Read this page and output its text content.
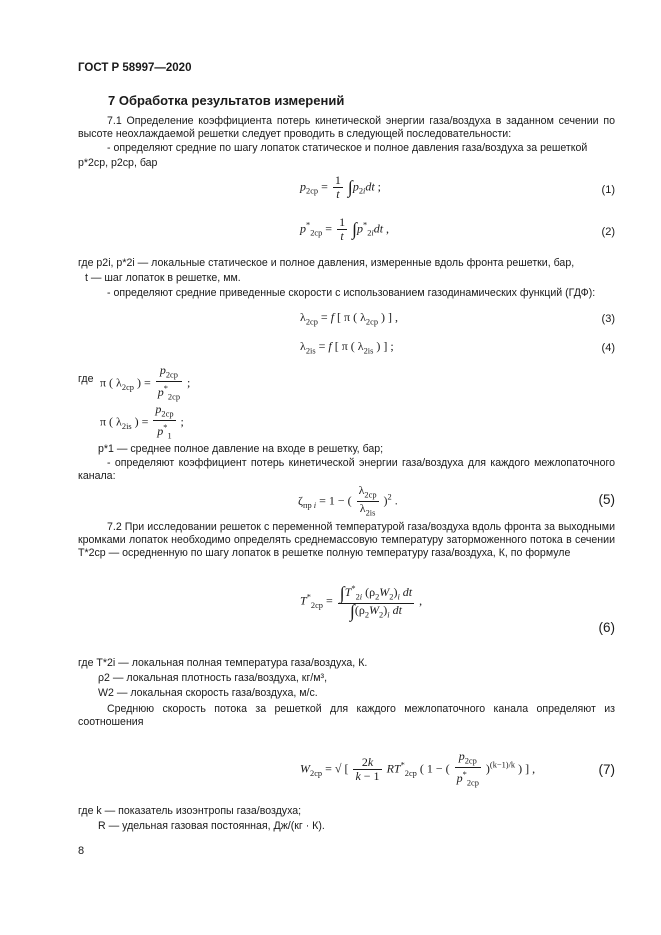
ГОСТ Р 58997—2020
7 Обработка результатов измерений
7.1 Определение коэффициента потерь кинетической энергии газа/воздуха в заданном сечении по высоте неохлаждаемой решетки следует проводить в следующей последовательности:
- определяют средние по шагу лопаток статическое и полное давления газа/воздуха за решеткой
p*2ср, p2ср, бар
$p_{2ср} = \frac{1}{t} \int p_{2i}dt$ ;	(1)
$p^*_{2ср} = \frac{1}{t} \int p^*_{2i}dt$ ,	(2)
где p2i, p*2i — локальные статическое и полное давления, измеренные вдоль фронта решетки, бар,
t — шаг лопаток в решетке, мм.
- определяют средние приведенные скорости с использованием газодинамических функций (ГДФ):
$\lambda_{2ср} = f$ [ π ( $\lambda_{2ср}$ ) ] ,	(3)
$\lambda_{2is} = f$ [ π ( $\lambda_{2is}$ ) ] ;	(4)
где π ( $\lambda_{2ср}$ ) = $\frac{p_{2ср}}{p^*_{2ср}}$ ;
π ( $\lambda_{2is}$ ) = $\frac{p_{2ср}}{p^*_1}$ ;
p*1 — среднее полное давление на входе в решетку, бар;
- определяют коэффициент потерь кинетической энергии газа/воздуха для каждого межлопаточного канала:
$\zeta_{пр i} = 1$ − ( $\frac{\lambda_{2ср}}{\lambda_{2is}} )^2$ .	(5)
7.2 При исследовании решеток с переменной температурой газа/воздуха вдоль фронта за выходными кромками лопаток необходимо определять среднемассовую температуру заторможенного потока в сечении T*2ср — осредненную по шагу лопаток в решетке полную температуру газа/воздуха, К, по формуле
$T^*_{2ср} = \frac{\int T^*_{2i} (\rho_2W_2)_i dt}{\int(\rho_2W_2)_i dt}$ ,
(6)
где T*2i — локальная полная температура газа/воздуха, К.
ρ2 — локальная плотность газа/воздуха, кг/м³,
W2 — локальная скорость газа/воздуха, м/с.
Среднюю скорость потока за решеткой для каждого межлопаточного канала определяют из соотношения
$W_{2ср}$ = √ [ $\frac{2k}{k - 1} RT^*_{2ср}$ ( 1 − ( $\frac{p_{2ср}}{p^*_{2ср}} )^{(k-1)/k}$ ) ] ,	(7)
где k — показатель изоэнтропы газа/воздуха;
R — удельная газовая постоянная, Дж/(кг · К).
8
